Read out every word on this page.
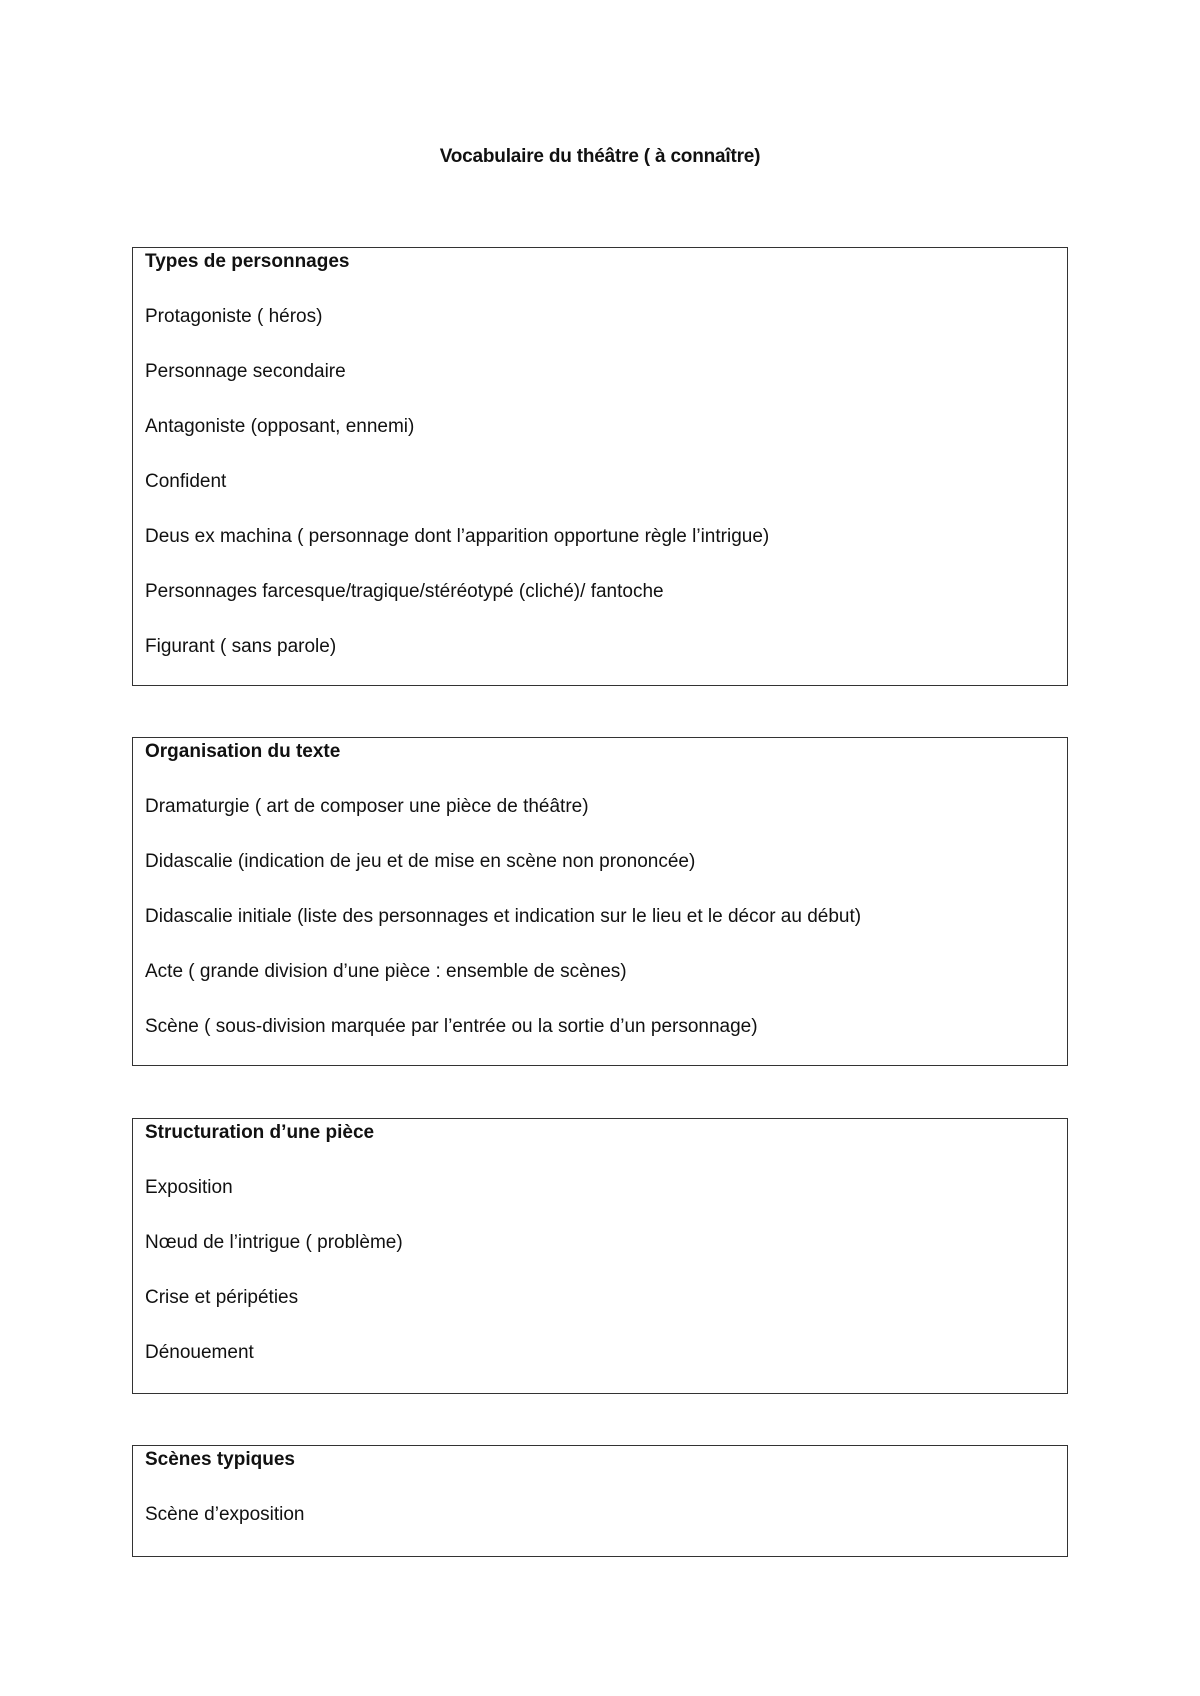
Vocabulaire du théâtre ( à connaître)
Types de personnages
Protagoniste ( héros)
Personnage secondaire
Antagoniste (opposant, ennemi)
Confident
Deus ex machina ( personnage dont l’apparition opportune règle l’intrigue)
Personnages farcesque/tragique/stéréotypé (cliché)/ fantoche
Figurant ( sans parole)
Organisation du texte
Dramaturgie ( art de composer une pièce de théâtre)
Didascalie (indication de jeu et de mise en scène non prononcée)
Didascalie initiale (liste des personnages et indication sur le lieu et le décor au début)
Acte ( grande division d’une pièce : ensemble de scènes)
Scène ( sous-division marquée par l’entrée ou la sortie d’un personnage)
Structuration d’une pièce
Exposition
Nœud de l’intrigue ( problème)
Crise et péripéties
Dénouement
Scènes typiques
Scène d’exposition
